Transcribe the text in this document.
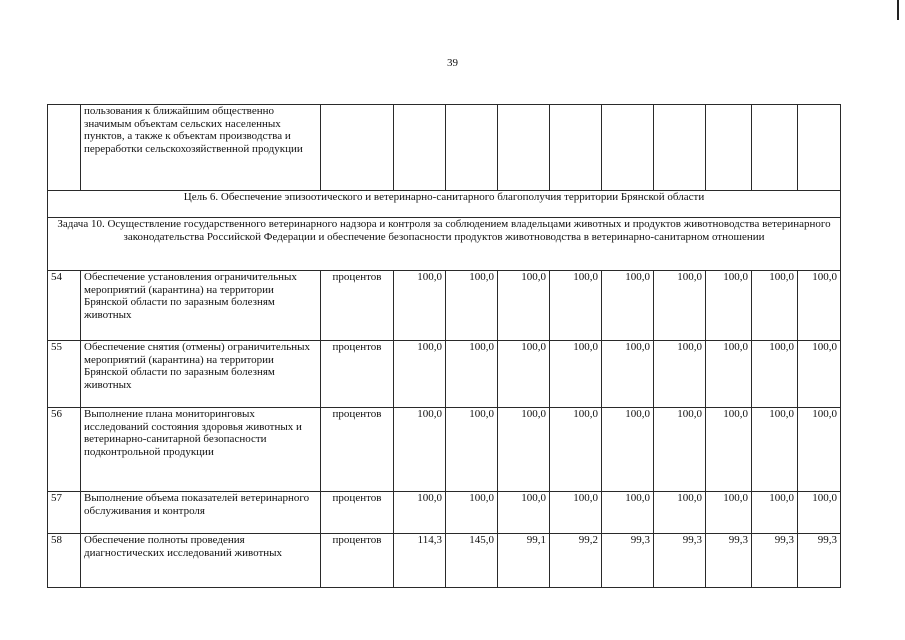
39
	пользования к ближайшим общественно значимым объектам сельских населенных пунктов, а также к объектам производства и переработки сельскохозяйственной продукции										
Цель 6. Обеспечение эпизоотического и ветеринарно-санитарного благополучия территории Брянской области											
Задача 10. Осуществление государственного ветеринарного надзора и контроля за соблюдением владельцами животных и продуктов животноводства ветеринарного законодательства Российской Федерации и обеспечение безопасности продуктов животноводства в ветеринарно-санитарном отношении											
54	Обеспечение установления ограничительных мероприятий (карантина) на территории Брянской области по заразным болезням животных	процентов	100,0	100,0	100,0	100,0	100,0	100,0	100,0	100,0	100,0
55	Обеспечение снятия (отмены) ограничительных мероприятий (карантина) на территории Брянской области по заразным болезням животных	процентов	100,0	100,0	100,0	100,0	100,0	100,0	100,0	100,0	100,0
56	Выполнение плана мониторинговых исследований состояния здоровья животных и ветеринарно-санитарной безопасности подконтрольной продукции	процентов	100,0	100,0	100,0	100,0	100,0	100,0	100,0	100,0	100,0
57	Выполнение объема показателей ветеринарного обслуживания и контроля	процентов	100,0	100,0	100,0	100,0	100,0	100,0	100,0	100,0	100,0
58	Обеспечение полноты проведения диагностических исследований животных	процентов	114,3	145,0	99,1	99,2	99,3	99,3	99,3	99,3	99,3
